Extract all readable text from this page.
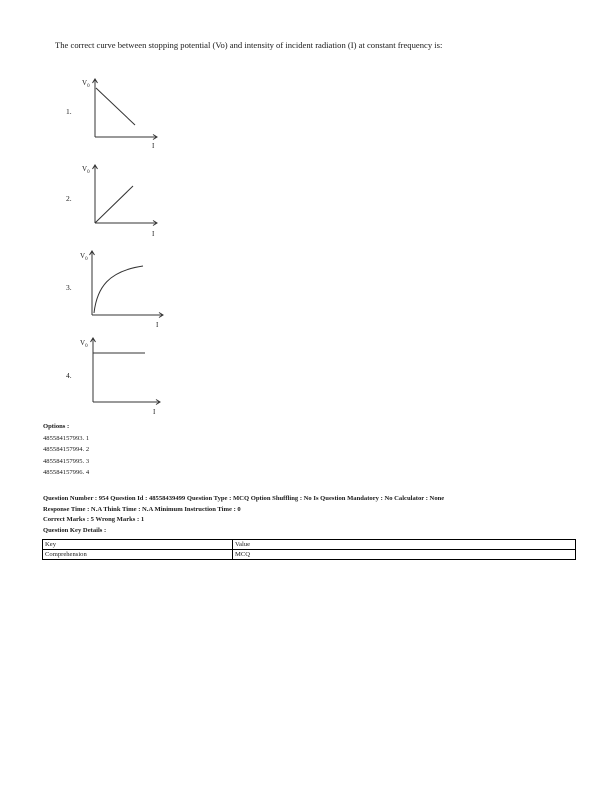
The correct curve between stopping potential (Vo) and intensity of incident radiation (I) at constant frequency is:
1.
$V_0$
I
2.
$V_0$
I
3.
$V_0$
I
4.
$V_0$
I
Options :
485584157993. 1
485584157994. 2
485584157995. 3
485584157996. 4
Question Number : 954 Question Id : 48558439499 Question Type : MCQ Option Shuffling : No Is Question Mandatory : No Calculator : None
Response Time : N.A Think Time : N.A Minimum Instruction Time : 0
Correct Marks : 5 Wrong Marks : 1
Question Key Details :
Key	Value
Comprehension	MCQ
